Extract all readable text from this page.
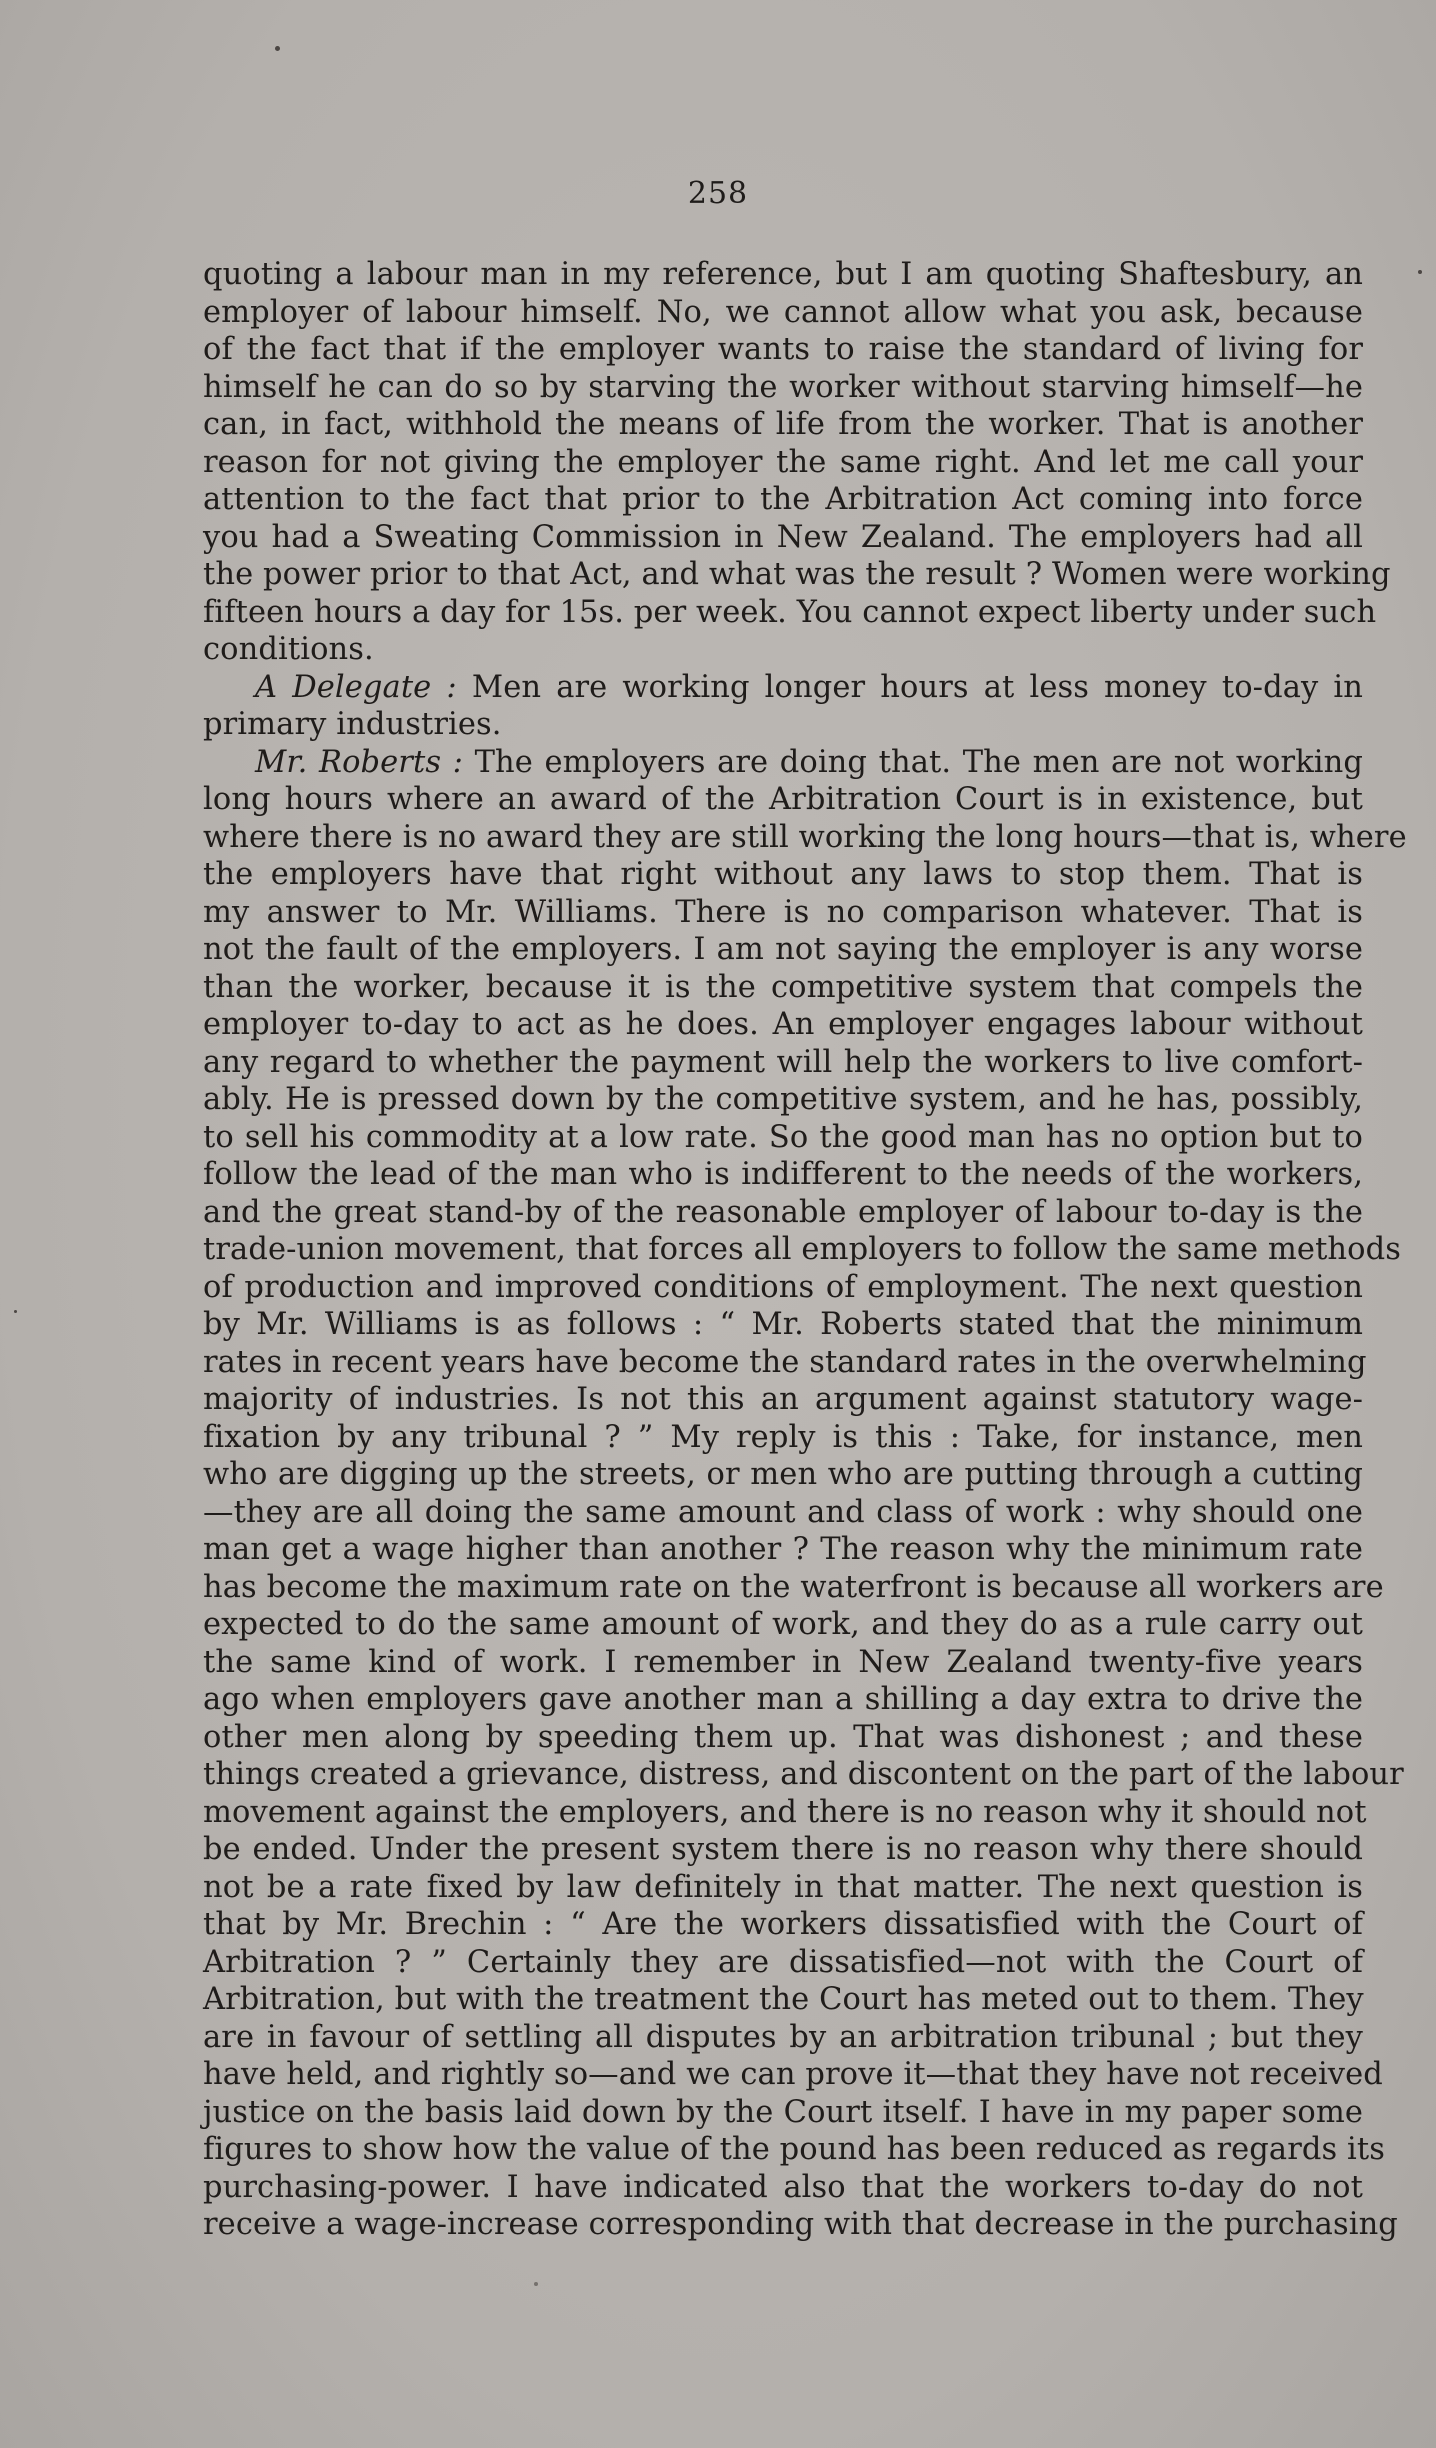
258
quoting a labour man in my reference, but I am quoting Shaftesbury, an
employer of labour himself. No, we cannot allow what you ask, because
of the fact that if the employer wants to raise the standard of living for
himself he can do so by starving the worker without starving himself—he
can, in fact, withhold the means of life from the worker. That is another
reason for not giving the employer the same right. And let me call your
attention to the fact that prior to the Arbitration Act coming into force
you had a Sweating Commission in New Zealand. The employers had all
the power prior to that Act, and what was the result ? Women were working
fifteen hours a day for 15s. per week. You cannot expect liberty under such
conditions.
A Delegate : Men are working longer hours at less money to-day in
primary industries.
Mr. Roberts : The employers are doing that. The men are not working
long hours where an award of the Arbitration Court is in existence, but
where there is no award they are still working the long hours—that is, where
the employers have that right without any laws to stop them. That is
my answer to Mr. Williams. There is no comparison whatever. That is
not the fault of the employers. I am not saying the employer is any worse
than the worker, because it is the competitive system that compels the
employer to-day to act as he does. An employer engages labour without
any regard to whether the payment will help the workers to live comfort-
ably. He is pressed down by the competitive system, and he has, possibly,
to sell his commodity at a low rate. So the good man has no option but to
follow the lead of the man who is indifferent to the needs of the workers,
and the great stand-by of the reasonable employer of labour to-day is the
trade-union movement, that forces all employers to follow the same methods
of production and improved conditions of employment. The next question
by Mr. Williams is as follows : “ Mr. Roberts stated that the minimum
rates in recent years have become the standard rates in the overwhelming
majority of industries. Is not this an argument against statutory wage-
fixation by any tribunal ? ” My reply is this : Take, for instance, men
who are digging up the streets, or men who are putting through a cutting
—they are all doing the same amount and class of work : why should one
man get a wage higher than another ? The reason why the minimum rate
has become the maximum rate on the waterfront is because all workers are
expected to do the same amount of work, and they do as a rule carry out
the same kind of work. I remember in New Zealand twenty-five years
ago when employers gave another man a shilling a day extra to drive the
other men along by speeding them up. That was dishonest ; and these
things created a grievance, distress, and discontent on the part of the labour
movement against the employers, and there is no reason why it should not
be ended. Under the present system there is no reason why there should
not be a rate fixed by law definitely in that matter. The next question is
that by Mr. Brechin : “ Are the workers dissatisfied with the Court of
Arbitration ? ” Certainly they are dissatisfied—not with the Court of
Arbitration, but with the treatment the Court has meted out to them. They
are in favour of settling all disputes by an arbitration tribunal ; but they
have held, and rightly so—and we can prove it—that they have not received
justice on the basis laid down by the Court itself. I have in my paper some
figures to show how the value of the pound has been reduced as regards its
purchasing-power. I have indicated also that the workers to-day do not
receive a wage-increase corresponding with that decrease in the purchasing
